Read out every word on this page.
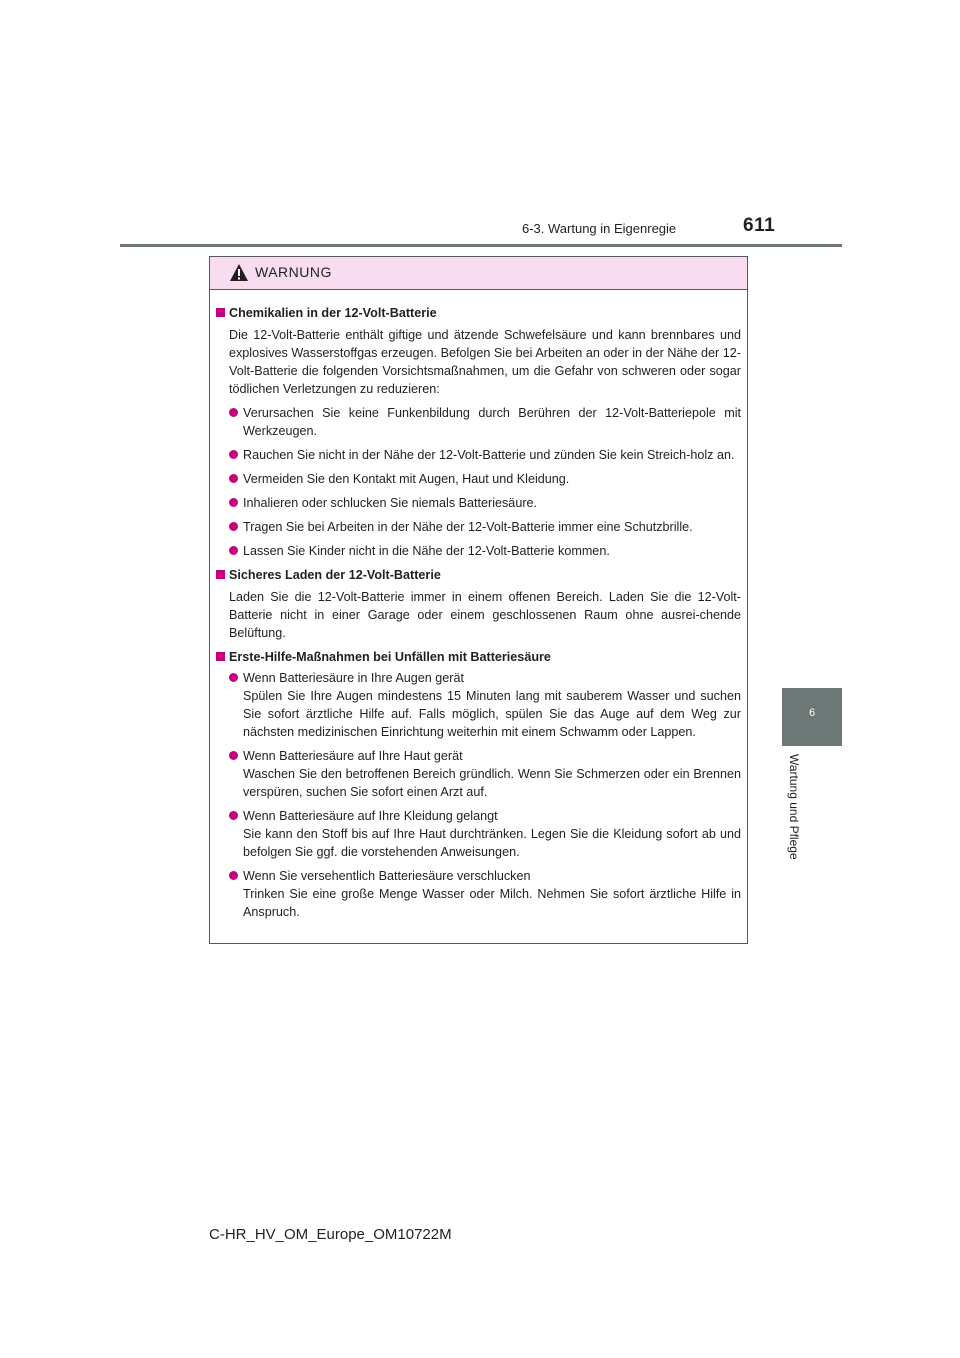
6-3. Wartung in Eigenregie	611
6
Wartung und Pflege
WARNUNG
Chemikalien in der 12-Volt-Batterie
Die 12-Volt-Batterie enthält giftige und ätzende Schwefelsäure und kann brennbares und explosives Wasserstoffgas erzeugen. Befolgen Sie bei Arbeiten an oder in der Nähe der 12-Volt-Batterie die folgenden Vorsichtsmaßnahmen, um die Gefahr von schweren oder sogar tödlichen Verletzungen zu reduzieren:
Verursachen Sie keine Funkenbildung durch Berühren der 12-Volt-Batteriepole mit Werkzeugen.
Rauchen Sie nicht in der Nähe der 12-Volt-Batterie und zünden Sie kein Streich-holz an.
Vermeiden Sie den Kontakt mit Augen, Haut und Kleidung.
Inhalieren oder schlucken Sie niemals Batteriesäure.
Tragen Sie bei Arbeiten in der Nähe der 12-Volt-Batterie immer eine Schutzbrille.
Lassen Sie Kinder nicht in die Nähe der 12-Volt-Batterie kommen.
Sicheres Laden der 12-Volt-Batterie
Laden Sie die 12-Volt-Batterie immer in einem offenen Bereich. Laden Sie die 12-Volt-Batterie nicht in einer Garage oder einem geschlossenen Raum ohne ausrei-chende Belüftung.
Erste-Hilfe-Maßnahmen bei Unfällen mit Batteriesäure
Wenn Batteriesäure in Ihre Augen gerät
Spülen Sie Ihre Augen mindestens 15 Minuten lang mit sauberem Wasser und suchen Sie sofort ärztliche Hilfe auf. Falls möglich, spülen Sie das Auge auf dem Weg zur nächsten medizinischen Einrichtung weiterhin mit einem Schwamm oder Lappen.
Wenn Batteriesäure auf Ihre Haut gerät
Waschen Sie den betroffenen Bereich gründlich. Wenn Sie Schmerzen oder ein Brennen verspüren, suchen Sie sofort einen Arzt auf.
Wenn Batteriesäure auf Ihre Kleidung gelangt
Sie kann den Stoff bis auf Ihre Haut durchtränken. Legen Sie die Kleidung sofort ab und befolgen Sie ggf. die vorstehenden Anweisungen.
Wenn Sie versehentlich Batteriesäure verschlucken
Trinken Sie eine große Menge Wasser oder Milch. Nehmen Sie sofort ärztliche Hilfe in Anspruch.
C-HR_HV_OM_Europe_OM10722M
